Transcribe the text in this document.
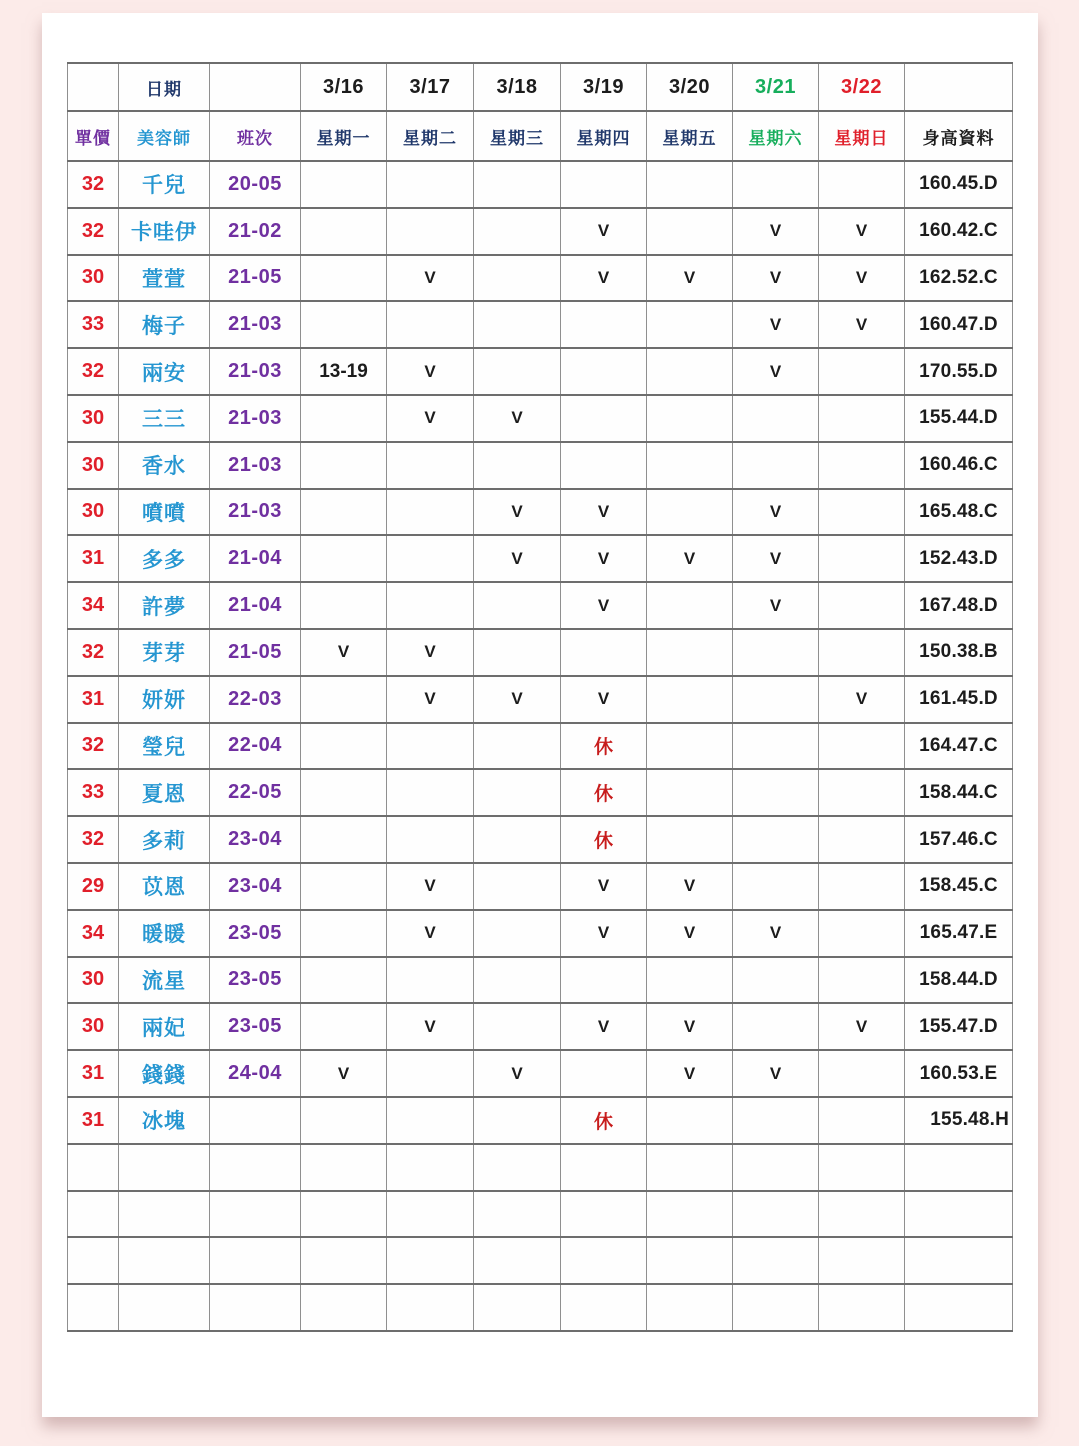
	日期		3/16	3/17	3/18	3/19	3/20	3/21	3/22	
單價	美容師	班次	星期一	星期二	星期三	星期四	星期五	星期六	星期日	身高資料
32	千兒	20-05								160.45.D
32	卡哇伊	21-02				V		V	V	160.42.C
30	萱萱	21-05		V		V	V	V	V	162.52.C
33	梅子	21-03						V	V	160.47.D
32	兩安	21-03	13-19	V				V		170.55.D
30	三三	21-03		V	V					155.44.D
30	香水	21-03								160.46.C
30	噴噴	21-03			V	V		V		165.48.C
31	多多	21-04			V	V	V	V		152.43.D
34	許夢	21-04				V		V		167.48.D
32	芽芽	21-05	V	V						150.38.B
31	妍妍	22-03		V	V	V			V	161.45.D
32	瑩兒	22-04				休				164.47.C
33	夏恩	22-05				休				158.44.C
32	多莉	23-04				休				157.46.C
29	苡恩	23-04		V		V	V			158.45.C
34	暖暖	23-05		V		V	V	V		165.47.E
30	流星	23-05								158.44.D
30	兩妃	23-05		V		V	V		V	155.47.D
31	錢錢	24-04	V		V		V	V		160.53.E
31	冰塊					休				155.48.H
